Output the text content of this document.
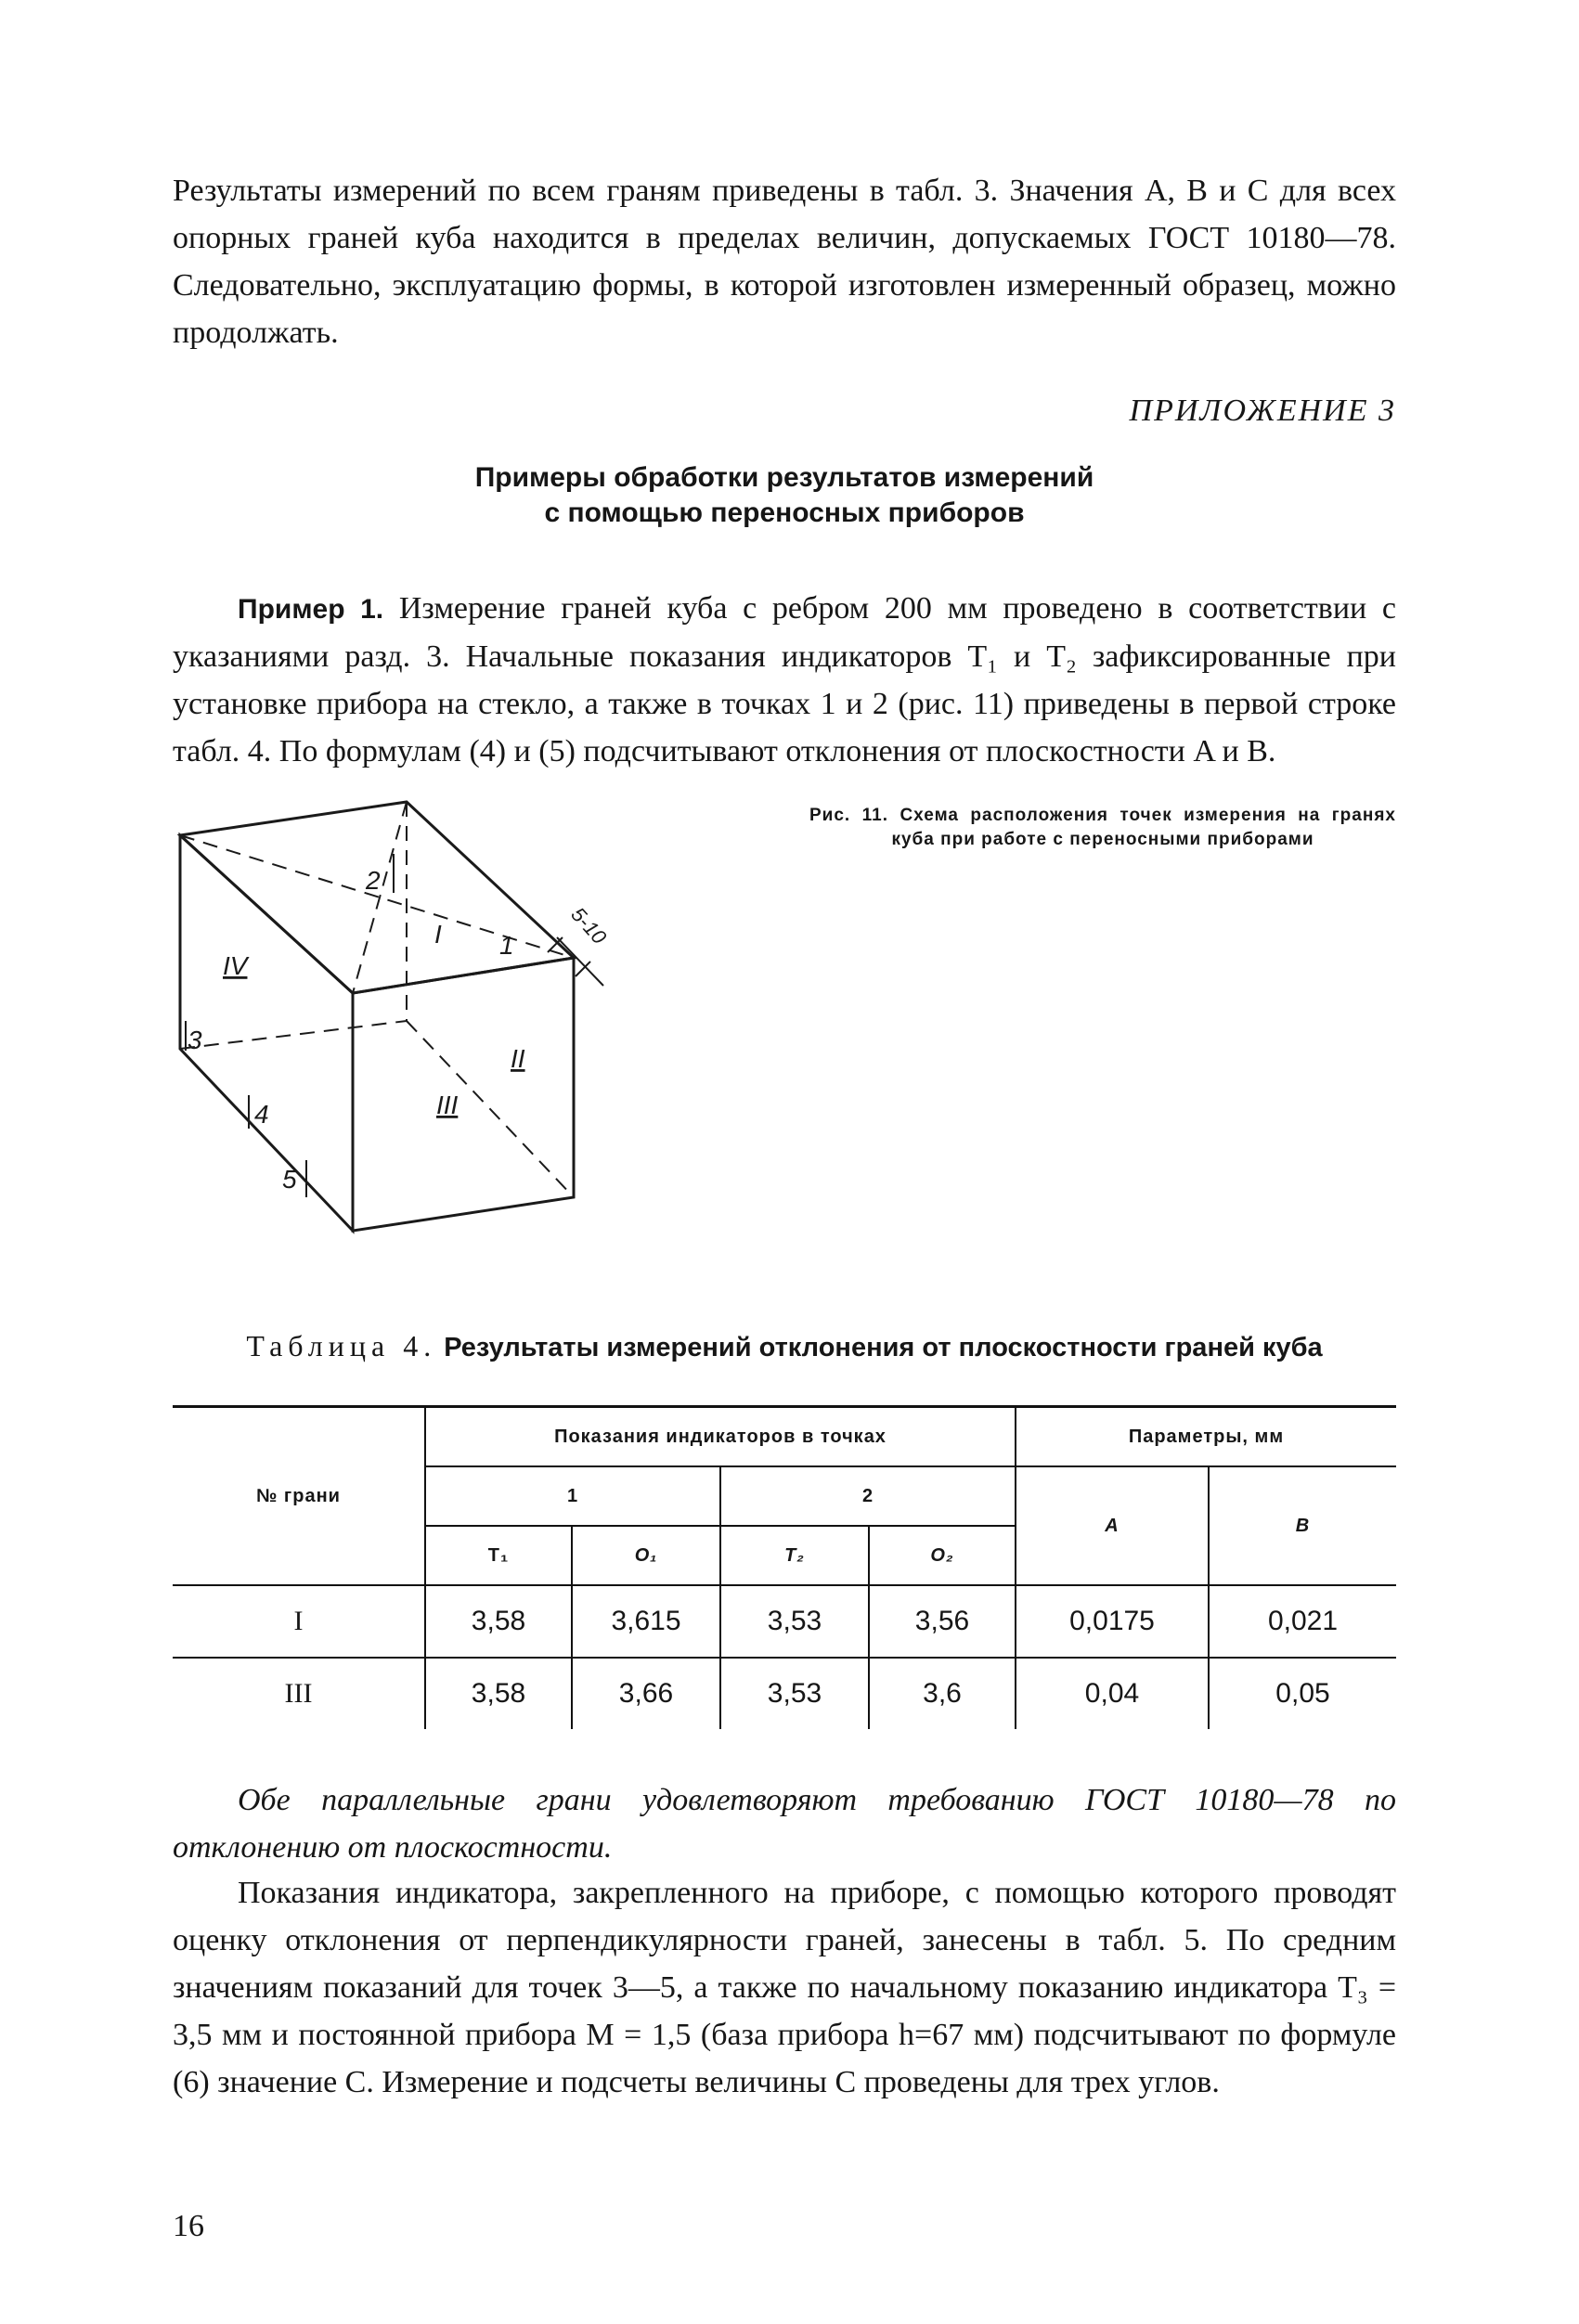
Результаты измерений по всем граням приведены в табл. 3. Значения A, B и C для всех опорных граней куба находится в пределах величин, допускаемых ГОСТ 10180—78. Следовательно, эксплуатацию формы, в которой изготовлен измеренный образец, можно продолжать.

ПРИЛОЖЕНИЕ 3
Примеры обработки результатов измерений
с помощью переносных приборов

Пример 1. Измерение граней куба с ребром 200 мм проведено в соответствии с указаниями разд. 3. Начальные показания индикаторов T₁ и T₂ зафиксированные при установке прибора на стекло, а также в точках 1 и 2 (рис. 11) приведены в первой строке табл. 4. По формулам (4) и (5) подсчитывают отклонения от плоскостности A и B.

2
1
3
4
5
I
IV
II
III
5-10
Рис. 11. Схема расположения точек измерения на гранях куба при работе с переносными приборами
Таблица 4. Результаты измерений отклонения от плоскостности граней куба
№ грани	Показания индикаторов в точках				Параметры, мм	
	1		2		A	B
	T₁	O₁	T₂	O₂		
I	3,58	3,615	3,53	3,56	0,0175	0,021
III	3,58	3,66	3,53	3,6	0,04	0,05

Обе параллельные грани удовлетворяют требованию ГОСТ 10180—78 по отклонению от плоскостности.

Показания индикатора, закрепленного на приборе, с помощью которого проводят оценку отклонения от перпендикулярности граней, занесены в табл. 5. По средним значениям показаний для точек 3—5, а также по начальному показанию индикатора T₃ = 3,5 мм и постоянной прибора M = 1,5 (база прибора h=67 мм) подсчитывают по формуле (6) значение C. Измерение и подсчеты величины C проведены для трех углов.

16
